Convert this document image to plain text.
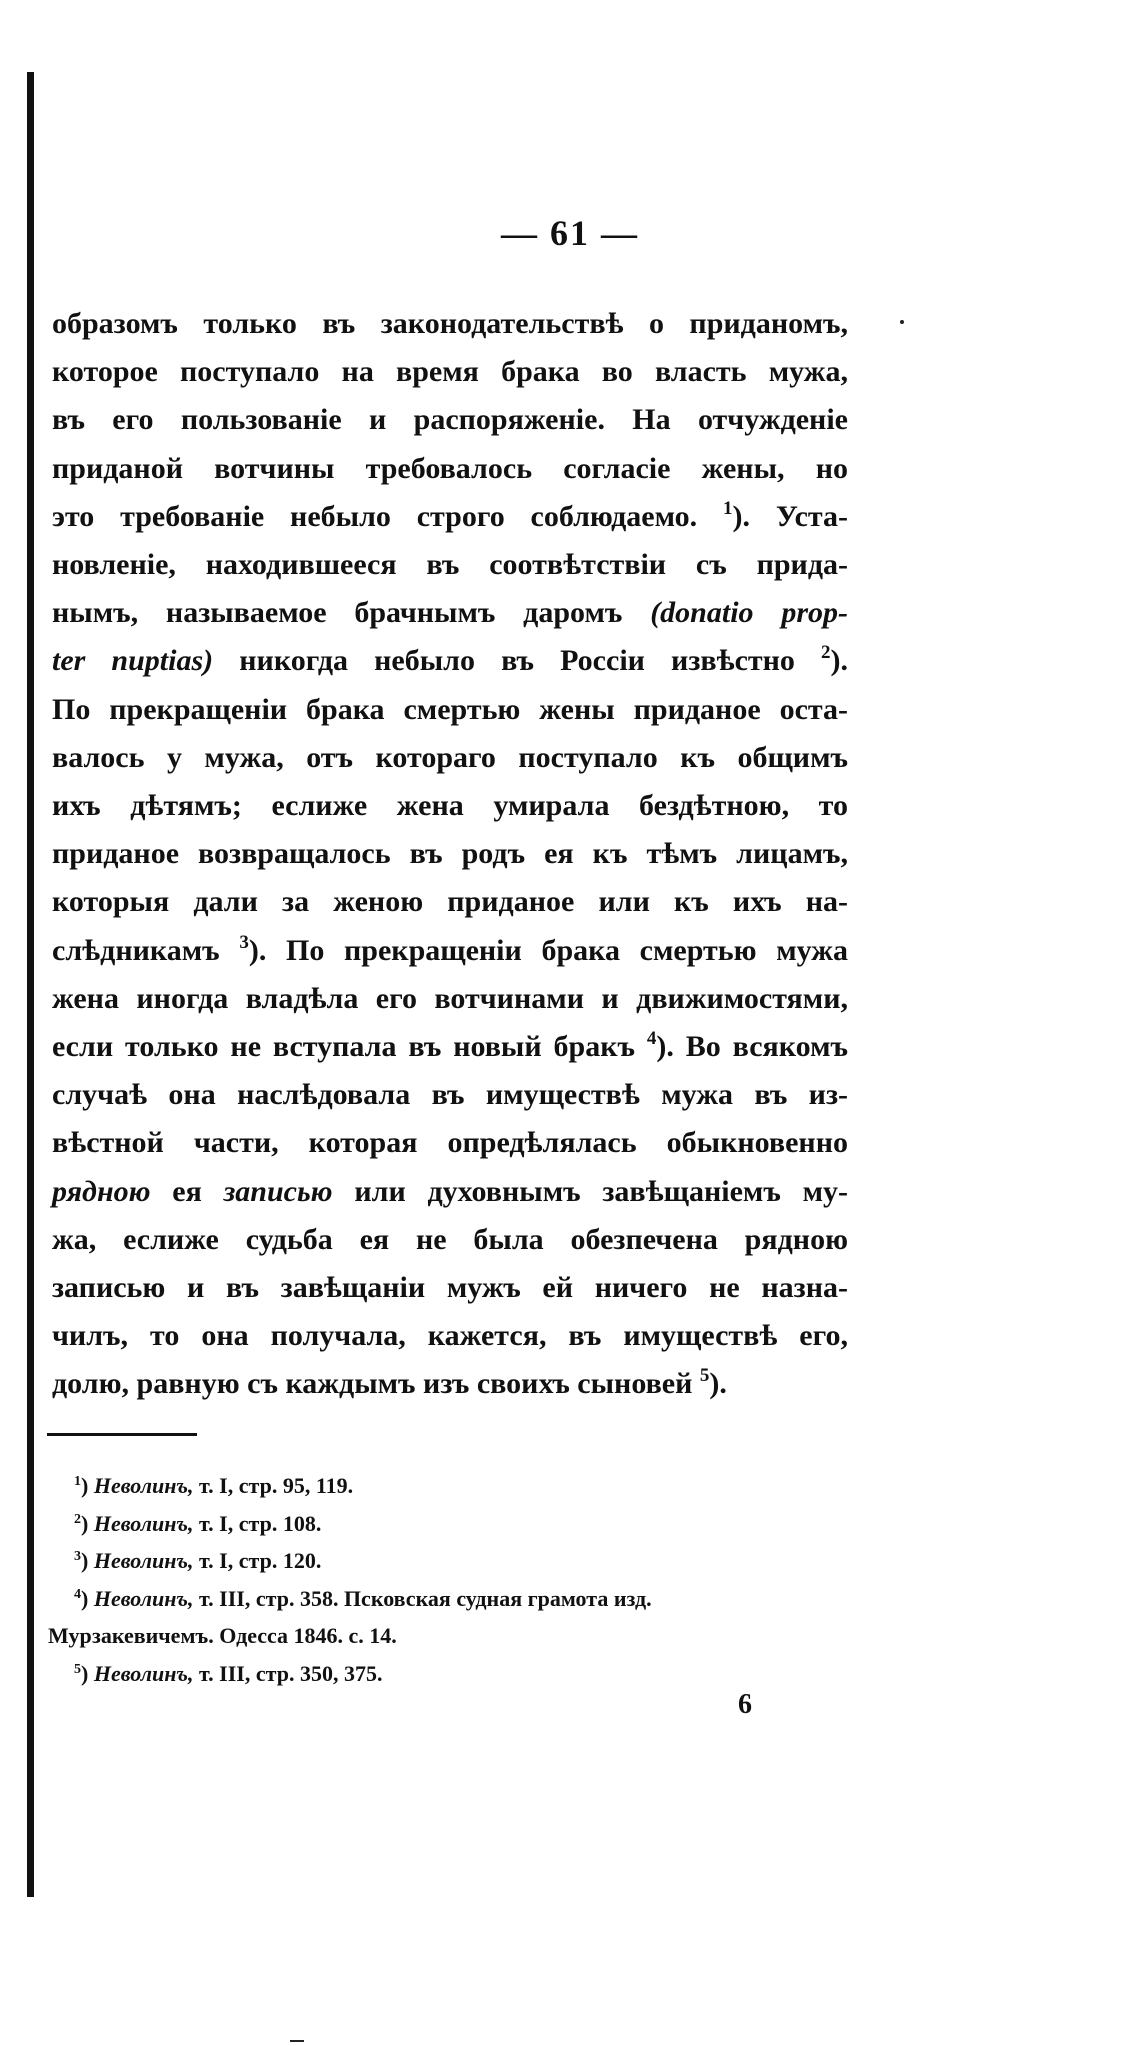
— 61 —
образомъ только въ законодательствѣ о приданомъ,
которое поступало на время брака во власть мужа,
въ его пользованіе и распоряженіе. На отчужденіе
приданой вотчины требовалось согласіе жены, но
это требованіе небыло строго соблюдаемо. $^1$). Уста-
новленіе, находившееся въ соотвѣтствіи съ прида-
нымъ, называемое брачнымъ даромъ (donatio prop-
ter nuptias) никогда небыло въ Россіи извѣстно $^2$).
По прекращеніи брака смертью жены приданое оста-
валось у мужа, отъ котораго поступало къ общимъ
ихъ дѣтямъ; еслиже жена умирала бездѣтною, то
приданое возвращалось въ родъ ея къ тѣмъ лицамъ,
которыя дали за женою приданое или къ ихъ на-
слѣдникамъ $^3$). По прекращеніи брака смертью мужа
жена иногда владѣла его вотчинами и движимостями,
если только не вступала въ новый бракъ $^4$). Во всякомъ
случаѣ она наслѣдовала въ имуществѣ мужа въ из-
вѣстной части, которая опредѣлялась обыкновенно
рядною ея записью или духовнымъ завѣщаніемъ му-
жа, еслиже судьба ея не была обезпечена рядною
записью и въ завѣщаніи мужъ ей ничего не назна-
чилъ, то она получала, кажется, въ имуществѣ его,
долю, равную съ каждымъ изъ своихъ сыновей $^5$).
$^1$) Неволинъ, т. I, стр. 95, 119.
$^2$) Неволинъ, т. I, стр. 108.
$^3$) Неволинъ, т. I, стр. 120.
$^4$) Неволинъ, т. III, стр. 358. Псковская судная грамота изд.
Мурзакевичемъ. Одесса 1846. с. 14.
$^5$) Неволинъ, т. III, стр. 350, 375.
6
